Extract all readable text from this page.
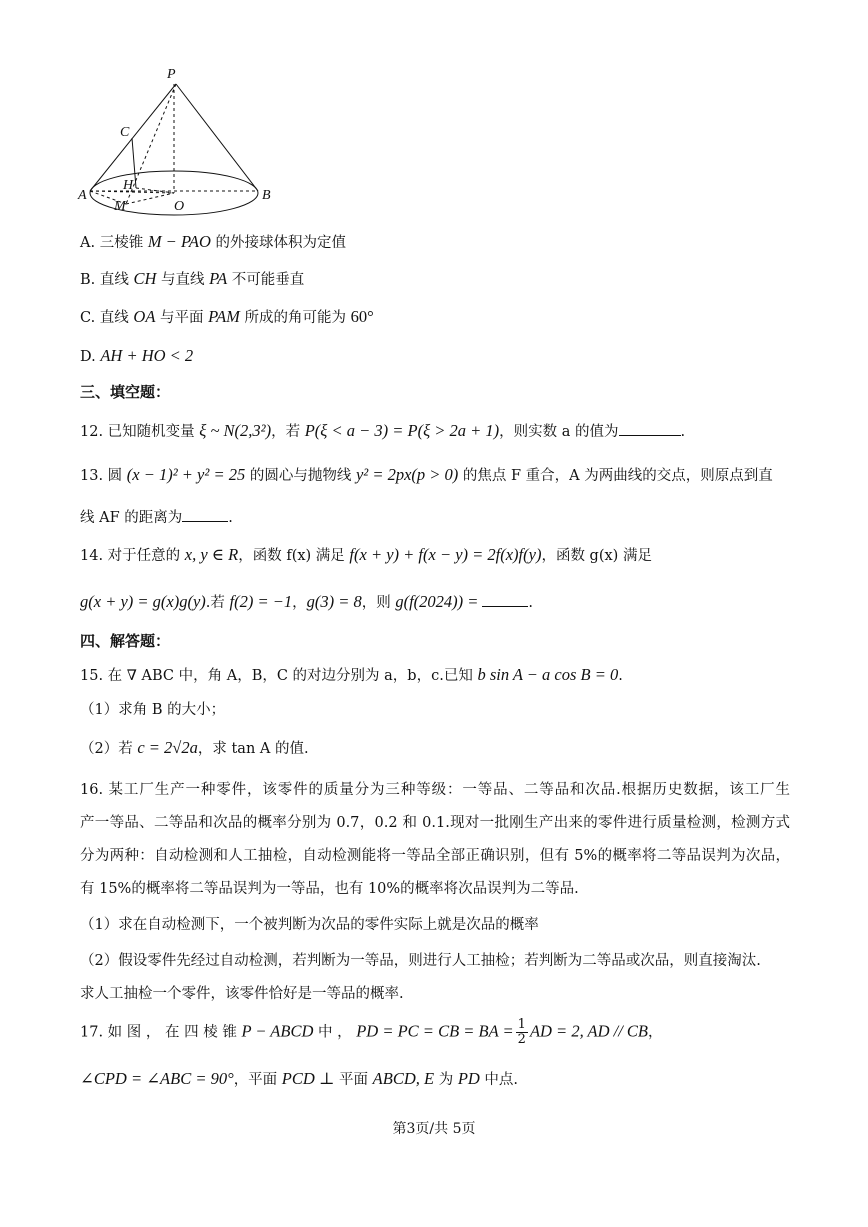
P
C
H
A	B
M	O
A. 三棱锥 M − PAO 的外接球体积为定值
B. 直线 CH 与直线 PA 不可能垂直
C. 直线 OA 与平面 PAM 所成的角可能为 60°
D. AH + HO < 2
三、填空题：
12. 已知随机变量 ξ ~ N(2,3²)，若 P(ξ < a − 3) = P(ξ > 2a + 1)，则实数 a 的值为	.
13. 圆 (x − 1)² + y² = 25 的圆心与抛物线 y² = 2px(p > 0) 的焦点 F 重合，A 为两曲线的交点，则原点到直
线 AF 的距离为	.
14. 对于任意的 x, y ∈ R，函数 f(x) 满足 f(x + y) + f(x − y) = 2f(x)f(y)，函数 g(x) 满足
g(x + y) = g(x)g(y).若 f(2) = −1，g(3) = 8，则 g(f(2024)) =	.
四、解答题：
15. 在 ∇ ABC 中，角 A，B，C 的对边分别为 a，b，c.已知 b sin A − a cos B = 0.
（1）求角 B 的大小；
（2）若 c = 2√2a，求 tan A 的值.
16. 某工厂生产一种零件，该零件的质量分为三种等级：一等品、二等品和次品.根据历史数据，该工厂生
产一等品、二等品和次品的概率分别为 0.7，0.2 和 0.1.现对一批刚生产出来的零件进行质量检测，检测方式
分为两种：自动检测和人工抽检，自动检测能将一等品全部正确识别，但有 5%的概率将二等品误判为次品，
有 15%的概率将二等品误判为一等品，也有 10%的概率将次品误判为二等品.
（1）求在自动检测下，一个被判断为次品的零件实际上就是次品的概率
（2）假设零件先经过自动检测，若判断为一等品，则进行人工抽检；若判断为二等品或次品，则直接淘汰.
求人工抽检一个零件，该零件恰好是一等品的概率.
17. 如 图 ， 在 四 棱 锥 P − ABCD 中 ， PD = PC = CB = BA = $\frac{1}{2}$ AD = 2, AD // CB，
∠CPD = ∠ABC = 90°，平面 PCD ⊥ 平面 ABCD, E 为 PD 中点.
第3页/共 5页
